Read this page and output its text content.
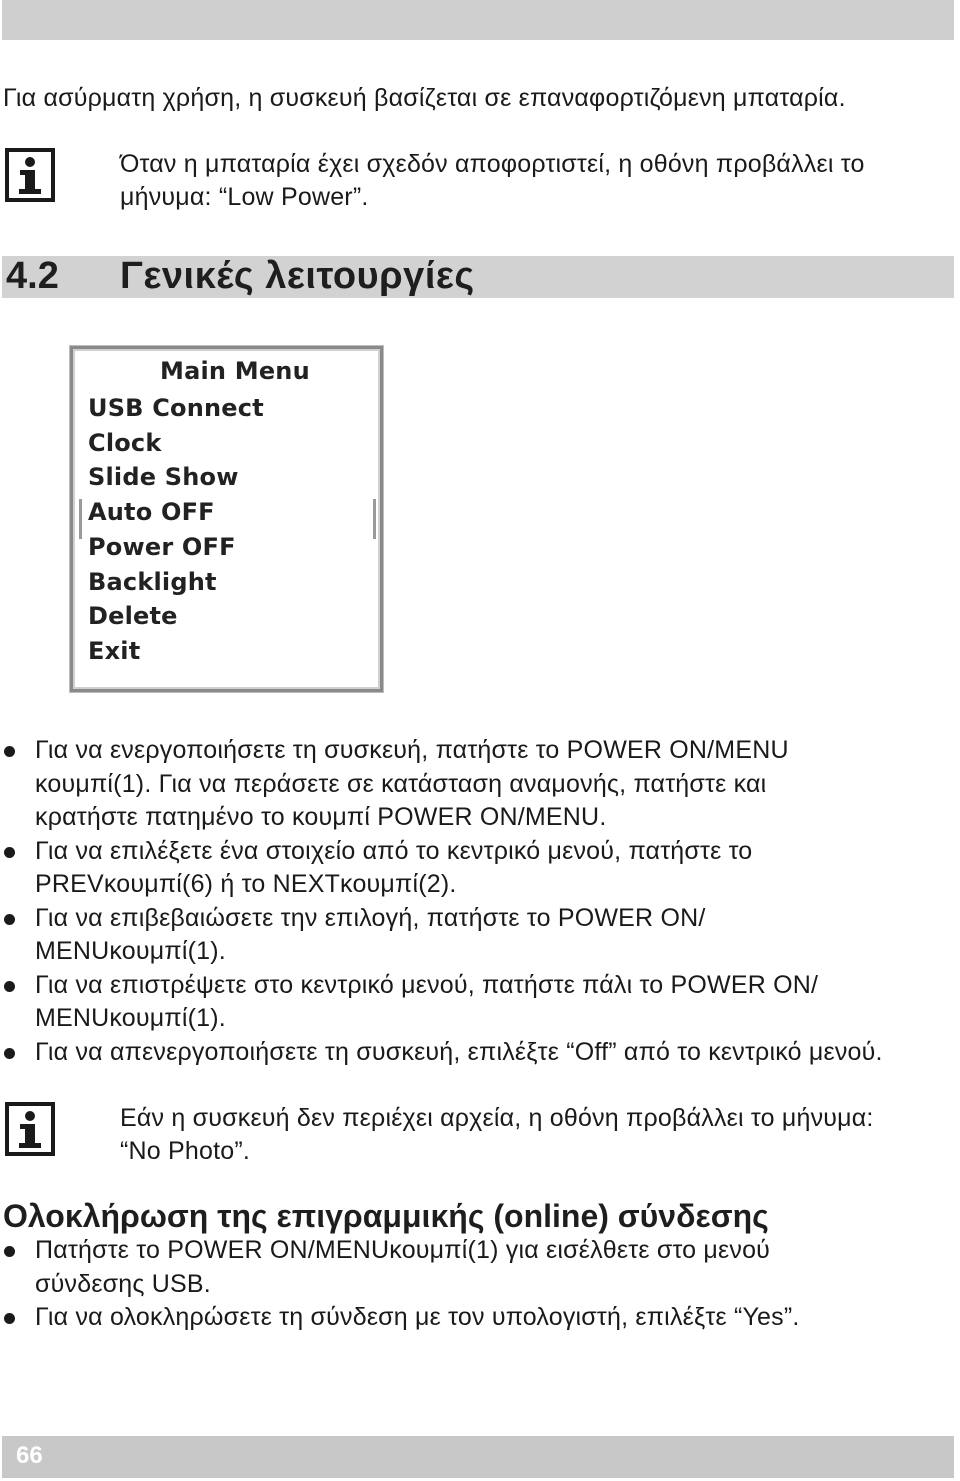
Για ασύρματη χρήση, η συσκευή βασίζεται σε επαναφορτιζόμενη μπαταρία.

Όταν η μπαταρία έχει σχεδόν αποφορτιστεί, η οθόνη προβάλλει το

μήνυμα: “Low Power”.

4.2 Γενικές λειτουργίες
Main Menu
USB Connect
Clock
Slide Show
Auto OFF
Power OFF
Backlight
Delete
Exit
Για να ενεργοποιήσετε τη συσκευή, πατήστε το POWER ON/MENU κουμπί(1). Για να περάσετε σε κατάσταση αναμονής, πατήστε και κρατήστε πατημένο το κουμπί POWER ON/MENU.
Για να επιλέξετε ένα στοιχείο από το κεντρικό μενού, πατήστε το PREVκουμπί(6) ή το NEXTκουμπί(2).
Για να επιβεβαιώσετε την επιλογή, πατήστε το POWER ON/ MENUκουμπί(1).
Για να επιστρέψετε στο κεντρικό μενού, πατήστε πάλι το POWER ON/ MENUκουμπί(1).
Για να απενεργοποιήσετε τη συσκευή, επιλέξτε “Off” από το κεντρικό μενού.

Εάν η συσκευή δεν περιέχει αρχεία, η οθόνη προβάλλει το μήνυμα:

“No Photo”.

Ολοκλήρωση της επιγραμμικής (online) σύνδεσης
Πατήστε το POWER ON/MENUκουμπί(1) για εισέλθετε στο μενού σύνδεσης USB.
Για να ολοκληρώσετε τη σύνδεση με τον υπολογιστή, επιλέξτε “Yes”.
66
